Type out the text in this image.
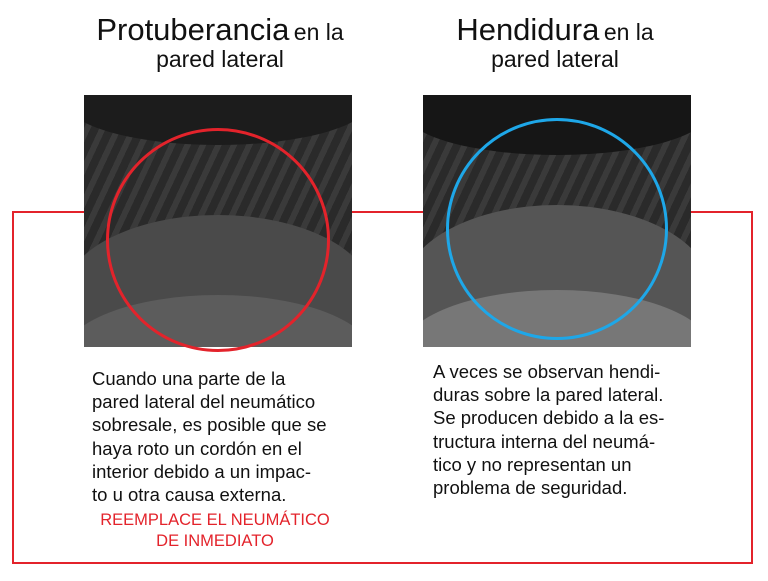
Protuberancia en la
pared lateral
Hendidura en la
pared lateral
Cuando una parte de la
pared lateral del neumático
sobresale, es posible que se
haya roto un cordón en el
interior debido a un impac-
to u otra causa externa.
REEMPLACE EL NEUMÁTICO
DE INMEDIATO
A veces se observan hendi-
duras sobre la pared lateral.
Se producen debido a la es-
tructura interna del neumá-
tico y no representan un
problema de seguridad.
